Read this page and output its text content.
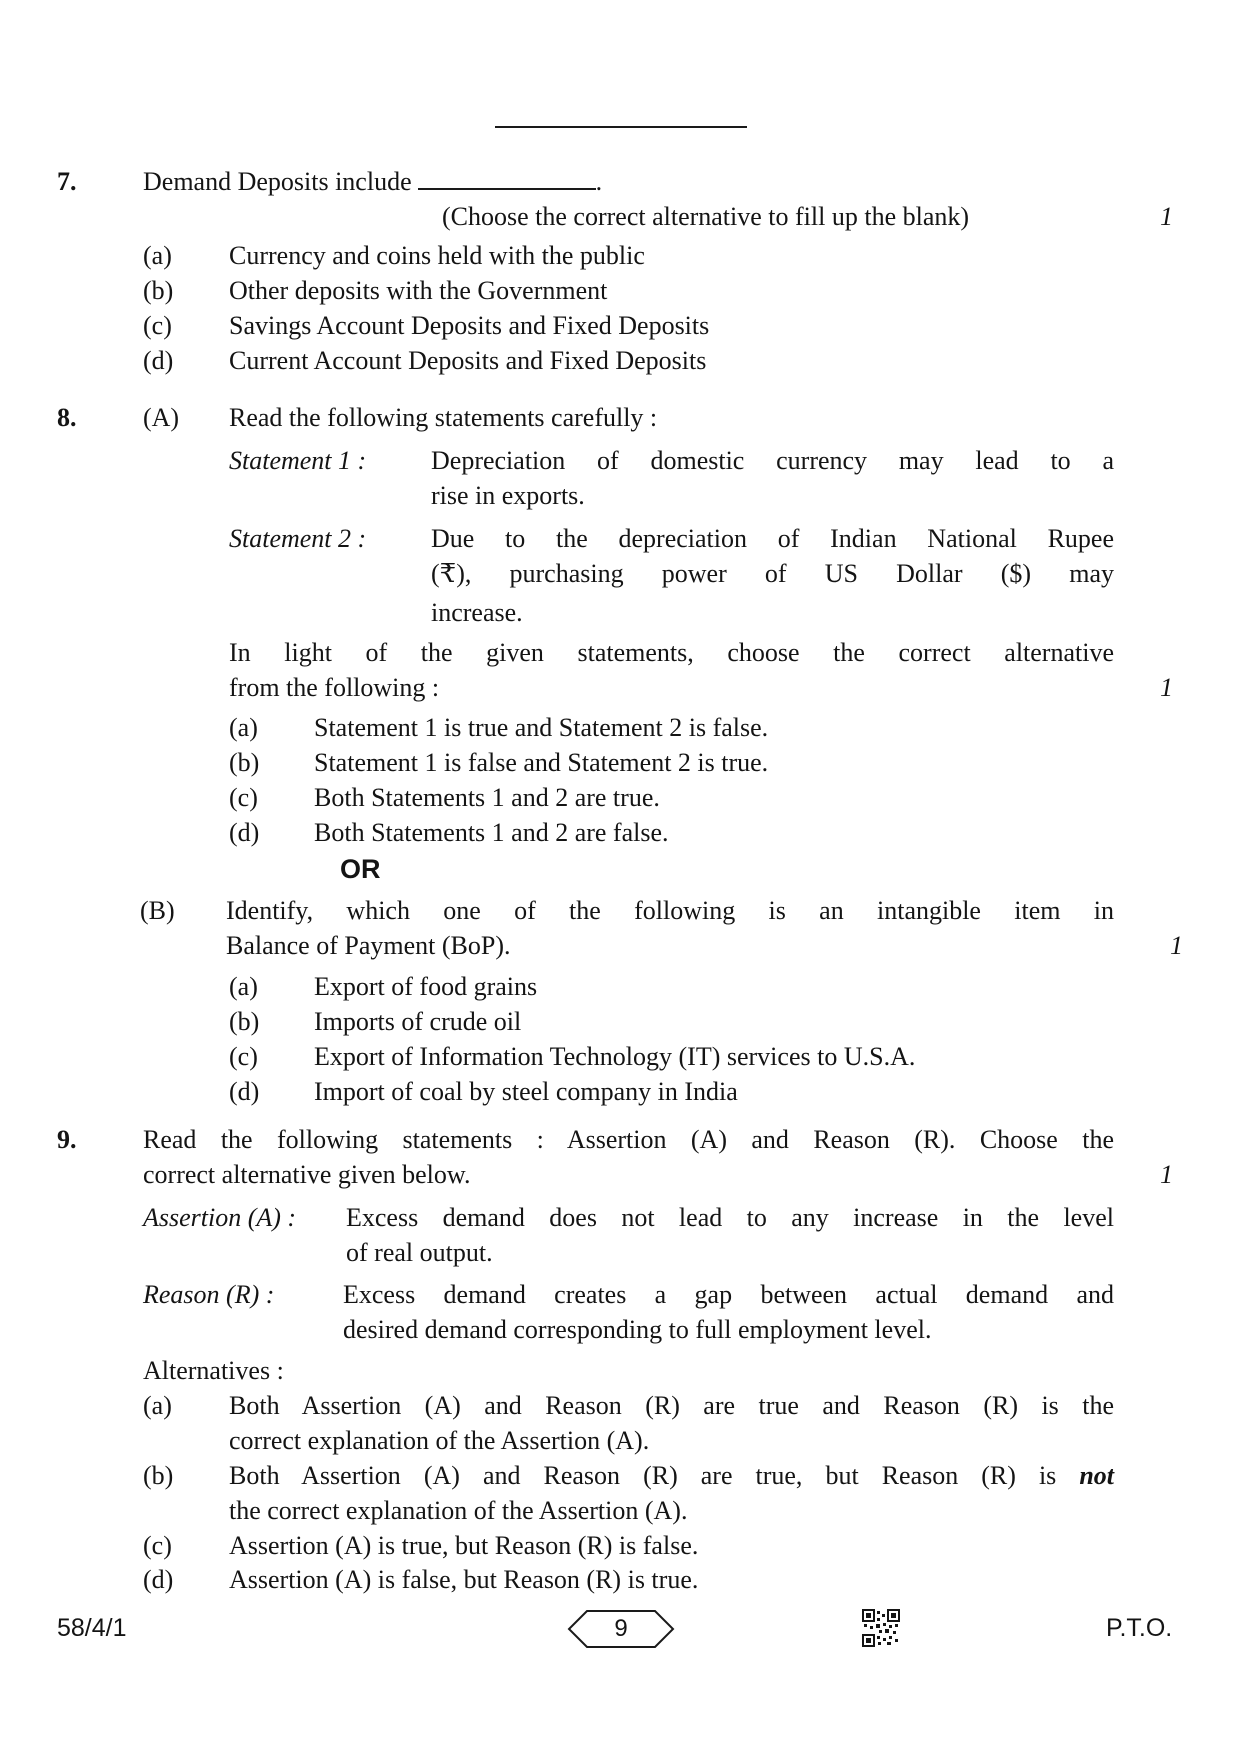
7.	Demand Deposits include	.
(Choose the correct alternative to fill up the blank)	1
(a) Currency and coins held with the public
(b) Other deposits with the Government
(c) Savings Account Deposits and Fixed Deposits
(d) Current Account Deposits and Fixed Deposits
8.	(A) Read the following statements carefully :
Statement 1 : Depreciation of domestic currency may lead to a
rise in exports.
Statement 2 : Due to the depreciation of Indian National Rupee
(₹), purchasing power of US Dollar ($) may
increase.
In light of the given statements, choose the correct alternative
from the following :	1
(a) Statement 1 is true and Statement 2 is false.
(b) Statement 1 is false and Statement 2 is true.
(c) Both Statements 1 and 2 are true.
(d) Both Statements 1 and 2 are false.
OR
(B) Identify, which one of the following is an intangible item in
Balance of Payment (BoP).	1
(a) Export of food grains
(b) Imports of crude oil
(c) Export of Information Technology (IT) services to U.S.A.
(d) Import of coal by steel company in India
9.	Read the following statements : Assertion (A) and Reason (R). Choose the
correct alternative given below.	1
Assertion (A) : Excess demand does not lead to any increase in the level
of real output.
Reason (R) :	Excess demand creates a gap between actual demand and
desired demand corresponding to full employment level.
Alternatives :
(a) Both Assertion (A) and Reason (R) are true and Reason (R) is the
correct explanation of the Assertion (A).
(b) Both Assertion (A) and Reason (R) are true, but Reason (R) is not
the correct explanation of the Assertion (A).
(c) Assertion (A) is true, but Reason (R) is false.
(d) Assertion (A) is false, but Reason (R) is true.
58/4/1	9	P.T.O.
